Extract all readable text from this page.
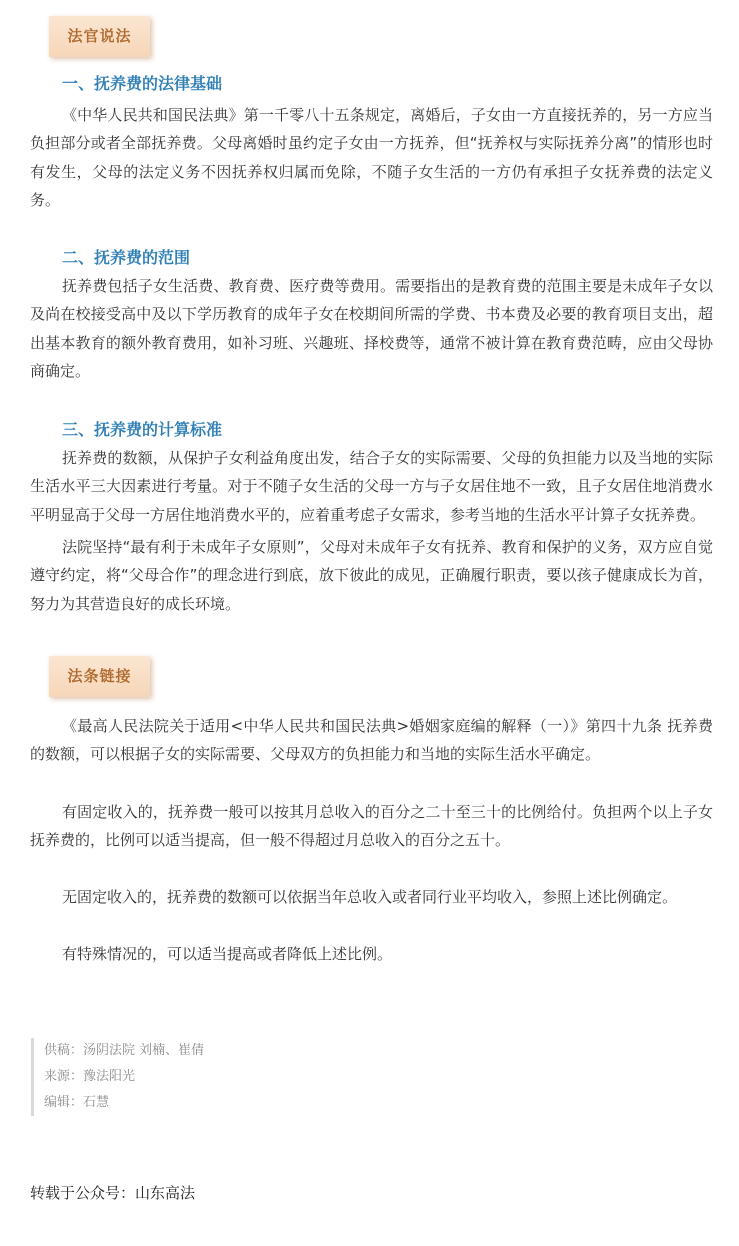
法官说法
一、抚养费的法律基础
《中华人民共和国民法典》第一千零八十五条规定，离婚后，子女由一方直接抚养的，另一方应当负担部分或者全部抚养费。父母离婚时虽约定子女由一方抚养，但“抚养权与实际抚养分离”的情形也时有发生，父母的法定义务不因抚养权归属而免除，不随子女生活的一方仍有承担子女抚养费的法定义务。
二、抚养费的范围
抚养费包括子女生活费、教育费、医疗费等费用。需要指出的是教育费的范围主要是未成年子女以及尚在校接受高中及以下学历教育的成年子女在校期间所需的学费、书本费及必要的教育项目支出，超出基本教育的额外教育费用，如补习班、兴趣班、择校费等，通常不被计算在教育费范畴，应由父母协商确定。
三、抚养费的计算标准
抚养费的数额，从保护子女利益角度出发，结合子女的实际需要、父母的负担能力以及当地的实际生活水平三大因素进行考量。对于不随子女生活的父母一方与子女居住地不一致，且子女居住地消费水平明显高于父母一方居住地消费水平的，应着重考虑子女需求，参考当地的生活水平计算子女抚养费。
法院坚持“最有利于未成年子女原则”，父母对未成年子女有抚养、教育和保护的义务，双方应自觉遵守约定，将“父母合作”的理念进行到底，放下彼此的成见，正确履行职责，要以孩子健康成长为首，努力为其营造良好的成长环境。
法条链接
《最高人民法院关于适用<中华人民共和国民法典>婚姻家庭编的解释（一）》第四十九条 抚养费的数额，可以根据子女的实际需要、父母双方的负担能力和当地的实际生活水平确定。
有固定收入的，抚养费一般可以按其月总收入的百分之二十至三十的比例给付。负担两个以上子女抚养费的，比例可以适当提高，但一般不得超过月总收入的百分之五十。
无固定收入的，抚养费的数额可以依据当年总收入或者同行业平均收入，参照上述比例确定。
有特殊情况的，可以适当提高或者降低上述比例。
供稿：汤阴法院 刘楠、崔倩
来源：豫法阳光
编辑：石慧
转载于公众号：山东高法
